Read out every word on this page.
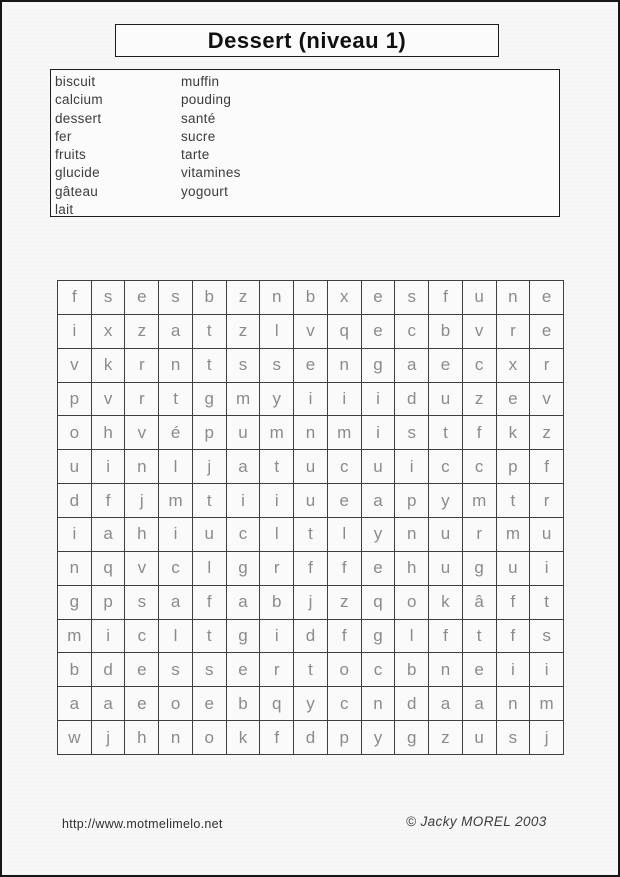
Dessert (niveau 1)
biscuit
calcium
dessert
fer
fruits
glucide
gâteau
lait
muffin
pouding
santé
sucre
tarte
vitamines
yogourt
f	s	e	s	b	z	n	b	x	e	s	f	u	n	e
i	x	z	a	t	z	l	v	q	e	c	b	v	r	e
v	k	r	n	t	s	s	e	n	g	a	e	c	x	r
p	v	r	t	g	m	y	i	i	i	d	u	z	e	v
o	h	v	é	p	u	m	n	m	i	s	t	f	k	z
u	i	n	l	j	a	t	u	c	u	i	c	c	p	f
d	f	j	m	t	i	i	u	e	a	p	y	m	t	r
i	a	h	i	u	c	l	t	l	y	n	u	r	m	u
n	q	v	c	l	g	r	f	f	e	h	u	g	u	i
g	p	s	a	f	a	b	j	z	q	o	k	â	f	t
m	i	c	l	t	g	i	d	f	g	l	f	t	f	s
b	d	e	s	s	e	r	t	o	c	b	n	e	i	i
a	a	e	o	e	b	q	y	c	n	d	a	a	n	m
w	j	h	n	o	k	f	d	p	y	g	z	u	s	j
http://www.motmelimelo.net	© Jacky MOREL 2003
